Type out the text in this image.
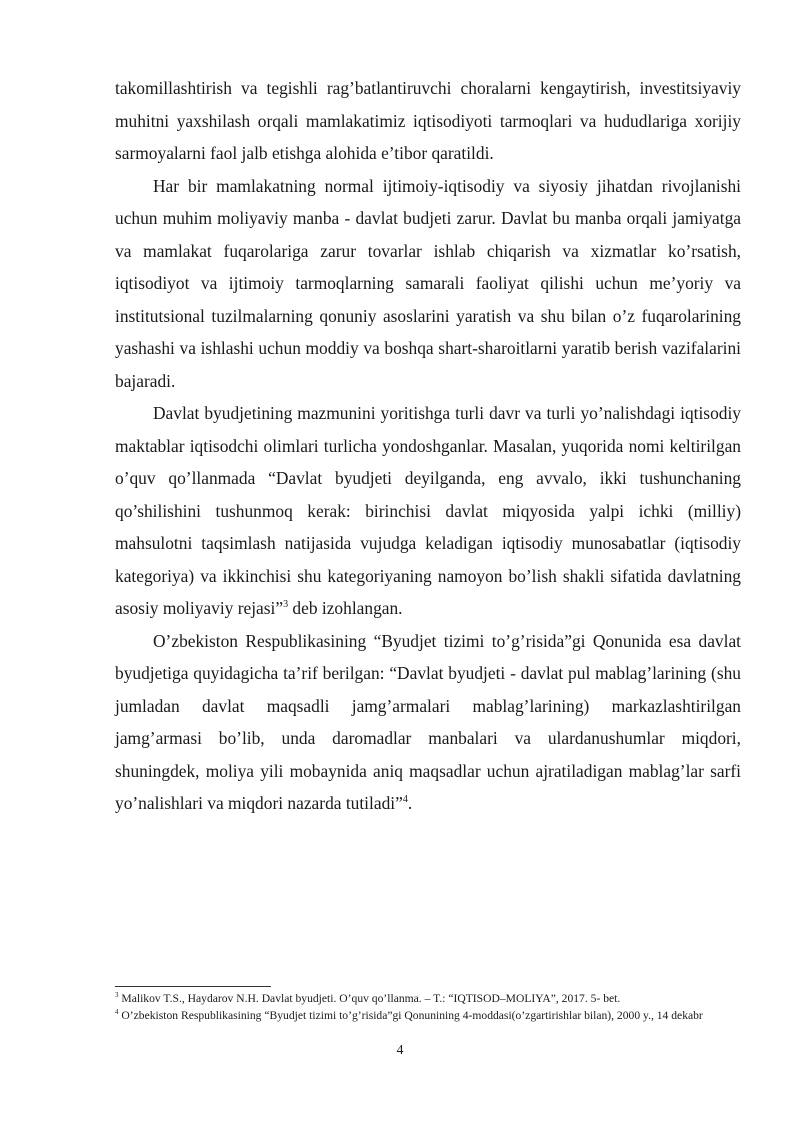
takomillashtirish va tegishli rag’batlantiruvchi choralarni kengaytirish, investitsiyaviy muhitni yaxshilash orqali mamlakatimiz iqtisodiyoti tarmoqlari va hududlariga xorijiy sarmoyalarni faol jalb etishga alohida e’tibor qaratildi.

Har bir mamlakatning normal ijtimoiy-iqtisodiy va siyosiy jihatdan rivojlanishi uchun muhim moliyaviy manba - davlat budjeti zarur. Davlat bu manba orqali jamiyatga va mamlakat fuqarolariga zarur tovarlar ishlab chiqarish va xizmatlar ko’rsatish, iqtisodiyot va ijtimoiy tarmoqlarning samarali faoliyat qilishi uchun me’yoriy va institutsional tuzilmalarning qonuniy asoslarini yaratish va shu bilan o’z fuqarolarining yashashi va ishlashi uchun moddiy va boshqa shart-sharoitlarni yaratib berish vazifalarini bajaradi.

Davlat byudjetining mazmunini yoritishga turli davr va turli yo’nalishdagi iqtisodiy maktablar iqtisodchi olimlari turlicha yondoshganlar. Masalan, yuqorida nomi keltirilgan o’quv qo’llanmada “Davlat byudjeti deyilganda, eng avvalo, ikki tushunchaning qo’shilishini tushunmoq kerak: birinchisi davlat miqyosida yalpi ichki (milliy) mahsulotni taqsimlash natijasida vujudga keladigan iqtisodiy munosabatlar (iqtisodiy kategoriya) va ikkinchisi shu kategoriyaning namoyon bo’lish shakli sifatida davlatning asosiy moliyaviy rejasi”$^3$ deb izohlangan.

O’zbekiston Respublikasining “Byudjet tizimi to’g’risida”gi Qonunida esa davlat byudjetiga quyidagicha ta’rif berilgan: “Davlat byudjeti - davlat pul mablag’larining (shu jumladan davlat maqsadli jamg’armalari mablag’larining) markazlashtirilgan jamg’armasi bo’lib, unda daromadlar manbalari va ulardanushumlar miqdori, shuningdek, moliya yili mobaynida aniq maqsadlar uchun ajratiladigan mablag’lar sarfi yo’nalishlari va miqdori nazarda tutiladi”$^4$.

$^3$ Malikov T.S., Haydarov N.H. Davlat byudjeti. O’quv qo’llanma. – T.: “IQTISOD–MOLIYA”, 2017. 5- bet.

$^4$ O’zbekiston Respublikasining “Byudjet tizimi to’g’risida”gi Qonunining 4-moddasi(o’zgartirishlar bilan), 2000 y., 14 dekabr

4
